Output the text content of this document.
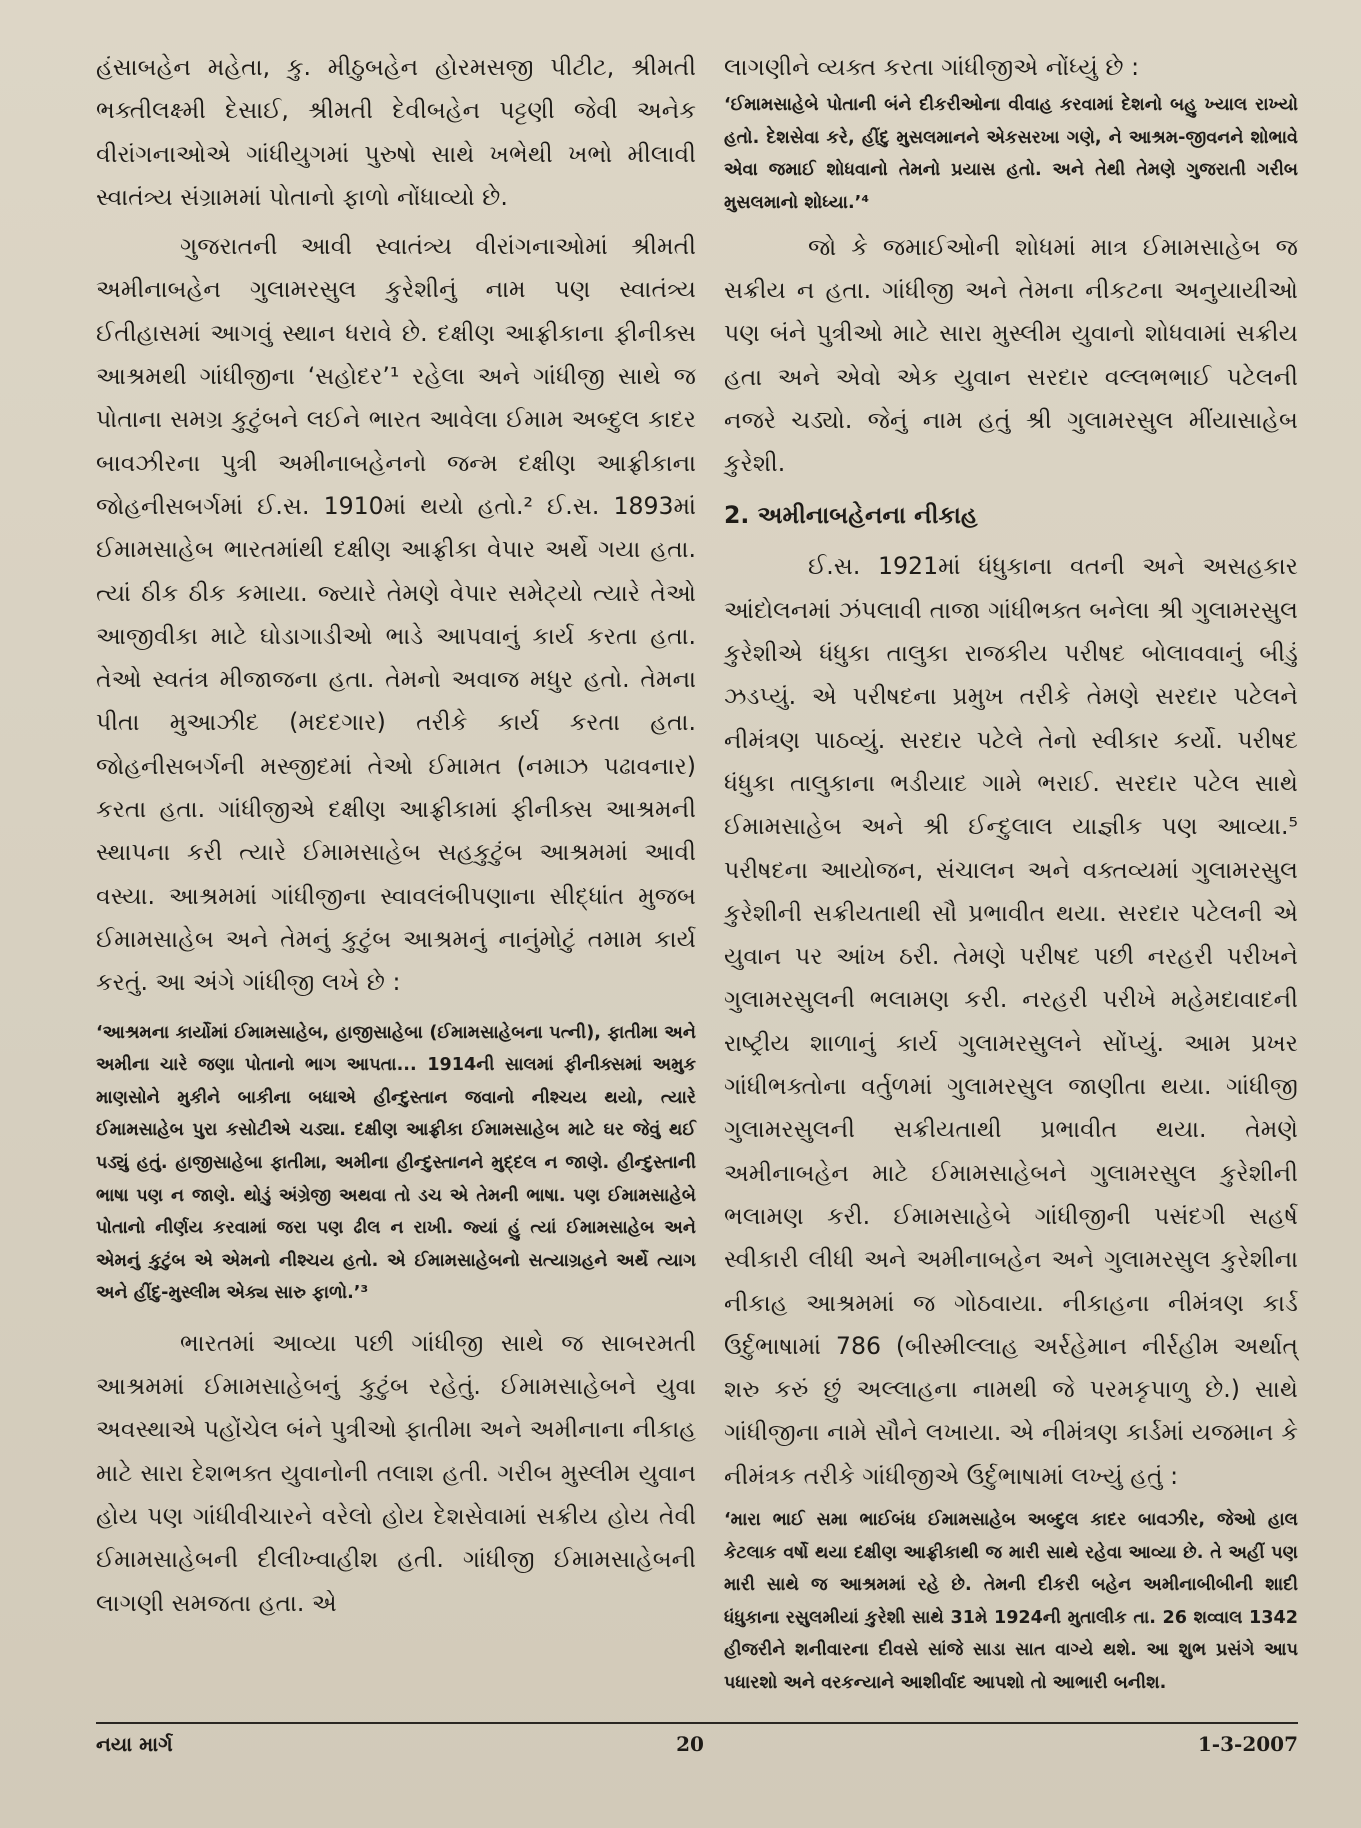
હંસાબહેન મહેતા, કુ. મીઠુબહેન હોરમસજી પીટીટ, શ્રીમતી ભક્તીલક્ષ્મી દેસાઈ, શ્રીમતી દેવીબહેન પટ્ટણી જેવી અનેક વીરાંગનાઓએ ગાંધીયુગમાં પુરુષો સાથે ખભેથી ખભો મીલાવી સ્વાતંત્ર્ય સંગ્રામમાં પોતાનો ફાળો નોંધાવ્યો છે.

ગુજરાતની આવી સ્વાતંત્ર્ય વીરાંગનાઓમાં શ્રીમતી અમીનાબહેન ગુલામરસુલ કુરેશીનું નામ પણ સ્વાતંત્ર્ય ઈતીહાસમાં આગવું સ્થાન ધરાવે છે. દક્ષીણ આફ્રીકાના ફીનીક્સ આશ્રમથી ગાંધીજીના ‘સહોદર’¹ રહેલા અને ગાંધીજી સાથે જ પોતાના સમગ્ર કુટુંબને લઈને ભારત આવેલા ઈમામ અબ્દુલ કાદર બાવઝીરના પુત્રી અમીનાબહેનનો જન્મ દક્ષીણ આફ્રીકાના જોહનીસબર્ગમાં ઈ.સ. 1910માં થયો હતો.² ઈ.સ. 1893માં ઈમામસાહેબ ભારતમાંથી દક્ષીણ આફ્રીકા વેપાર અર્થે ગયા હતા. ત્યાં ઠીક ઠીક કમાયા. જ્યારે તેમણે વેપાર સમેટ્યો ત્યારે તેઓ આજીવીકા માટે ઘોડાગાડીઓ ભાડે આપવાનું કાર્ય કરતા હતા. તેઓ સ્વતંત્ર મીજાજના હતા. તેમનો અવાજ મધુર હતો. તેમના પીતા મુઆઝીદ (મદદગાર) તરીકે કાર્ય કરતા હતા. જોહનીસબર્ગની મસ્જીદમાં તેઓ ઈમામત (નમાઝ પઢાવનાર) કરતા હતા. ગાંધીજીએ દક્ષીણ આફ્રીકામાં ફીનીક્સ આશ્રમની સ્થાપના કરી ત્યારે ઈમામસાહેબ સહકુટુંબ આશ્રમમાં આવી વસ્યા. આશ્રમમાં ગાંધીજીના સ્વાવલંબીપણાના સીદ્ધાંત મુજબ ઈમામસાહેબ અને તેમનું કુટુંબ આશ્રમનું નાનુંમોટું તમામ કાર્ય કરતું. આ અંગે ગાંધીજી લખે છે :

‘આશ્રમના કાર્યોમાં ઈમામસાહેબ, હાજીસાહેબા (ઈમામસાહેબના પત્ની), ફાતીમા અને અમીના ચારે જણા પોતાનો ભાગ આપતા... 1914ની સાલમાં ફીનીક્સમાં અમુક માણસોને મુકીને બાકીના બધાએ હીન્દુસ્તાન જવાનો નીશ્ચય થયો, ત્યારે ઈમામસાહેબ પુરા કસોટીએ ચડ્યા. દક્ષીણ આફ્રીકા ઈમામસાહેબ માટે ઘર જેવું થઈ પડ્યું હતું. હાજીસાહેબા ફાતીમા, અમીના હીન્દુસ્તાનને મુદ્દલ ન જાણે. હીન્દુસ્તાની ભાષા પણ ન જાણે. થોડું અંગ્રેજી અથવા તો ડચ એ તેમની ભાષા. પણ ઈમામસાહેબે પોતાનો નીર્ણય કરવામાં જરા પણ ઢીલ ન રાખી. જ્યાં હું ત્યાં ઈમામસાહેબ અને એમનું કુટુંબ એ એમનો નીશ્ચય હતો. એ ઈમામસાહેબનો સત્યાગ્રહને અર્થે ત્યાગ અને હીંદુ-મુસ્લીમ એક્ય સારુ ફાળો.’³

ભારતમાં આવ્યા પછી ગાંધીજી સાથે જ સાબરમતી આશ્રમમાં ઈમામસાહેબનું કુટુંબ રહેતું. ઈમામસાહેબને યુવા અવસ્થાએ પહોંચેલ બંને પુત્રીઓ ફાતીમા અને અમીનાના નીકાહ માટે સારા દેશભક્ત યુવાનોની તલાશ હતી. ગરીબ મુસ્લીમ યુવાન હોય પણ ગાંધીવીચારને વરેલો હોય દેશસેવામાં સક્રીય હોય તેવી ઈમામસાહેબની દીલીખ્વાહીશ હતી. ગાંધીજી ઈમામસાહેબની લાગણી સમજતા હતા. એ

લાગણીને વ્યક્ત કરતા ગાંધીજીએ નોંધ્યું છે :

‘ઈમામસાહેબે પોતાની બંને દીકરીઓના વીવાહ કરવામાં દેશનો બહુ ખ્યાલ રાખ્યો હતો. દેશસેવા કરે, હીંદુ મુસલમાનને એકસરખા ગણે, ને આશ્રમ-જીવનને શોભાવે એવા જમાઈ શોધવાનો તેમનો પ્રયાસ હતો. અને તેથી તેમણે ગુજરાતી ગરીબ મુસલમાનો શોધ્યા.’⁴

જો કે જમાઈઓની શોધમાં માત્ર ઈમામસાહેબ જ સક્રીય ન હતા. ગાંધીજી અને તેમના નીકટના અનુયાયીઓ પણ બંને પુત્રીઓ માટે સારા મુસ્લીમ યુવાનો શોધવામાં સક્રીય હતા અને એવો એક યુવાન સરદાર વલ્લભભાઈ પટેલની નજરે ચડ્યો. જેનું નામ હતું શ્રી ગુલામરસુલ મીંયાસાહેબ કુરેશી.

2. અમીનાબહેનના નીકાહ

ઈ.સ. 1921માં ધંધુકાના વતની અને અસહકાર આંદોલનમાં ઝંપલાવી તાજા ગાંધીભક્ત બનેલા શ્રી ગુલામરસુલ કુરેશીએ ધંધુકા તાલુકા રાજકીય પરીષદ બોલાવવાનું બીડું ઝડપ્યું. એ પરીષદના પ્રમુખ તરીકે તેમણે સરદાર પટેલને નીમંત્રણ પાઠવ્યું. સરદાર પટેલે તેનો સ્વીકાર કર્યો. પરીષદ ધંધુકા તાલુકાના ભડીયાદ ગામે ભરાઈ. સરદાર પટેલ સાથે ઈમામસાહેબ અને શ્રી ઈન્દુલાલ યાજ્ઞીક પણ આવ્યા.⁵ પરીષદના આયોજન, સંચાલન અને વક્તવ્યમાં ગુલામરસુલ કુરેશીની સક્રીયતાથી સૌ પ્રભાવીત થયા. સરદાર પટેલની એ યુવાન પર આંખ ઠરી. તેમણે પરીષદ પછી નરહરી પરીખને ગુલામરસુલની ભલામણ કરી. નરહરી પરીખે મહેમદાવાદની રાષ્ટ્રીય શાળાનું કાર્ય ગુલામરસુલને સોંપ્યું. આમ પ્રખર ગાંધીભક્તોના વર્તુળમાં ગુલામરસુલ જાણીતા થયા. ગાંધીજી ગુલામરસુલની સક્રીયતાથી પ્રભાવીત થયા. તેમણે અમીનાબહેન માટે ઈમામસાહેબને ગુલામરસુલ કુરેશીની ભલામણ કરી. ઈમામસાહેબે ગાંધીજીની પસંદગી સહર્ષ સ્વીકારી લીધી અને અમીનાબહેન અને ગુલામરસુલ કુરેશીના નીકાહ આશ્રમમાં જ ગોઠવાયા. નીકાહના નીમંત્રણ કાર્ડ ઉર્દુભાષામાં 786 (બીસ્મીલ્લાહ અર્રહેમાન નીર્રહીમ અર્થાત્ શરુ કરું છું અલ્લાહના નામથી જે પરમકૃપાળુ છે.) સાથે ગાંધીજીના નામે સૌને લખાયા. એ નીમંત્રણ કાર્ડમાં યજમાન કે નીમંત્રક તરીકે ગાંધીજીએ ઉર્દુભાષામાં લખ્યું હતું :

‘મારા ભાઈ સમા ભાઈબંધ ઈમામસાહેબ અબ્દુલ કાદર બાવઝીર, જેઓ હાલ કેટલાક વર્ષો થયા દક્ષીણ આફ્રીકાથી જ મારી સાથે રહેવા આવ્યા છે. તે અહીં પણ મારી સાથે જ આશ્રમમાં રહે છે. તેમની દીકરી બહેન અમીનાબીબીની શાદી ધંધુકાના રસુલમીયાં કુરેશી સાથે 31મે 1924ની મુતાલીક તા. 26 શવ્વાલ 1342 હીજરીને શનીવારના દીવસે સાંજે સાડા સાત વાગ્યે થશે. આ શુભ પ્રસંગે આપ પધારશો અને વરકન્યાને આશીર્વાદ આપશો તો આભારી બનીશ.

નયા માર્ગ	20	1-3-2007
